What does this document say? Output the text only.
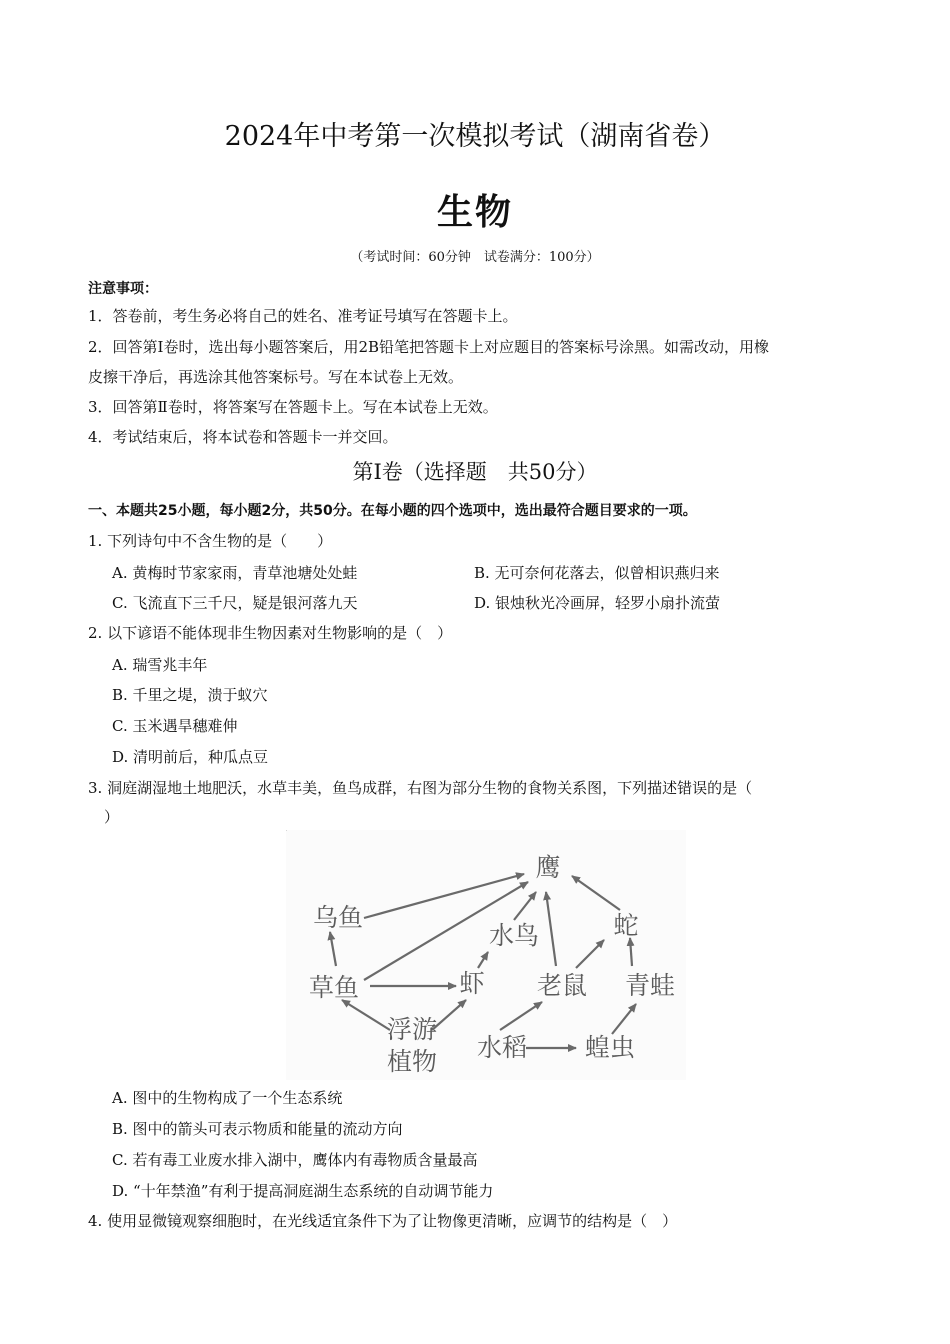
2024年中考第一次模拟考试（湖南省卷）
生物
（考试时间：60分钟　试卷满分：100分）
注意事项：
1．答卷前，考生务必将自己的姓名、准考证号填写在答题卡上。
2．回答第Ⅰ卷时，选出每小题答案后，用2B铅笔把答题卡上对应题目的答案标号涂黑。如需改动，用橡
皮擦干净后，再选涂其他答案标号。写在本试卷上无效。
3．回答第Ⅱ卷时，将答案写在答题卡上。写在本试卷上无效。
4．考试结束后，将本试卷和答题卡一并交回。
第Ⅰ卷（选择题　共50分）
一、本题共25小题，每小题2分，共50分。在每小题的四个选项中，选出最符合题目要求的一项。
1. 下列诗句中不含生物的是（　　）
A. 黄梅时节家家雨，青草池塘处处蛙	B. 无可奈何花落去，似曾相识燕归来
C. 飞流直下三千尺，疑是银河落九天	D. 银烛秋光冷画屏，轻罗小扇扑流萤
2. 以下谚语不能体现非生物因素对生物影响的是（　）
A. 瑞雪兆丰年
B. 千里之堤，溃于蚁穴
C. 玉米遇旱穗难伸
D. 清明前后，种瓜点豆
3. 洞庭湖湿地土地肥沃，水草丰美，鱼鸟成群，右图为部分生物的食物关系图，下列描述错误的是（
）
鹰
乌鱼
草鱼
浮游
植物
虾
水鸟
老鼠
蛇
青蛙
水稻 蝗虫
A. 图中的生物构成了一个生态系统
B. 图中的箭头可表示物质和能量的流动方向
C. 若有毒工业废水排入湖中，鹰体内有毒物质含量最高
D. “十年禁渔”有利于提高洞庭湖生态系统的自动调节能力
4. 使用显微镜观察细胞时，在光线适宜条件下为了让物像更清晰，应调节的结构是（　）
